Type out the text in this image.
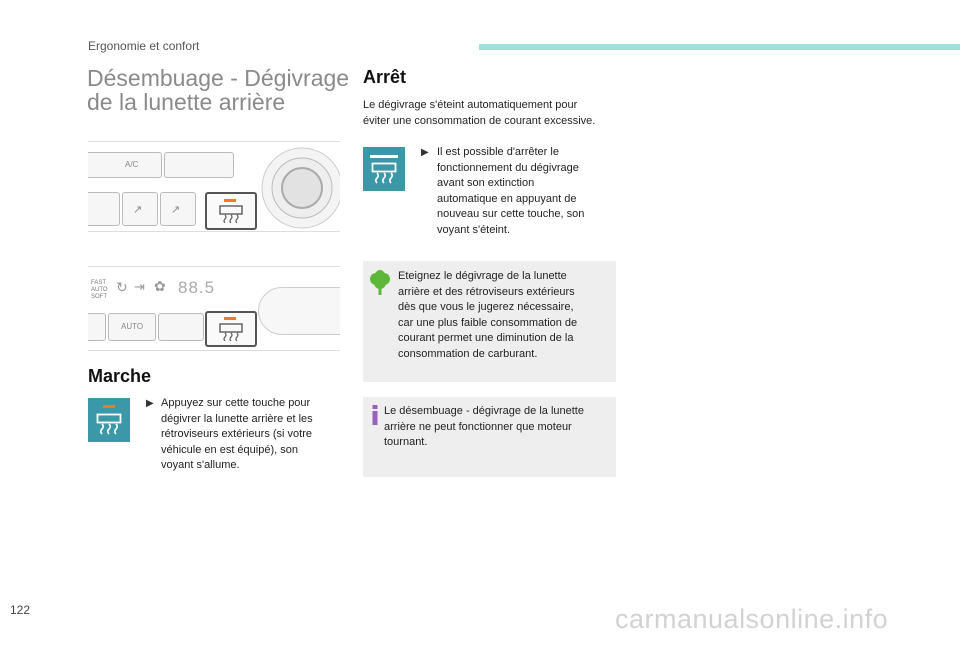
Ergonomie et confort
Désembuage - Dégivrage
de la lunette arrière
A/C
↗	↗
FAST
AUTO
SOFT
↻ ⇥ ✿ 88.5
AUTO
Marche
▶ Appuyez sur cette touche pour
dégivrer la lunette arrière et les
rétroviseurs extérieurs (si votre
véhicule en est équipé), son
voyant s'allume.
Arrêt
Le dégivrage s'éteint automatiquement pour
éviter une consommation de courant excessive.
▶ Il est possible d'arrêter le
fonctionnement du dégivrage
avant son extinction
automatique en appuyant de
nouveau sur cette touche, son
voyant s'éteint.
Eteignez le dégivrage de la lunette
arrière et des rétroviseurs extérieurs
dès que vous le jugerez nécessaire,
car une plus faible consommation de
courant permet une diminution de la
consommation de carburant.
Le désembuage - dégivrage de la lunette
arrière ne peut fonctionner que moteur
tournant.
122	carmanualsonline.info
